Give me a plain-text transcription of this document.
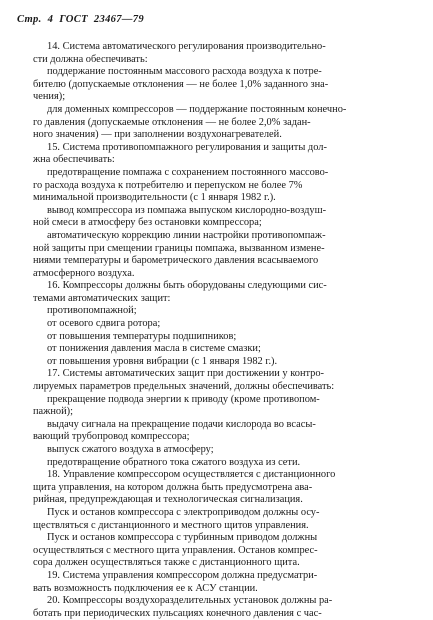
Стр. 4 ГОСТ 23467—79
14. Система автоматического регулирования производительно-
сти должна обеспечивать:
поддержание постоянным массового расхода воздуха к потре-
бителю (допускаемые отклонения — не более 1,0% заданного зна-
чения);
для доменных компрессоров — поддержание постоянным конечно-
го давления (допускаемые отклонения — не более 2,0% задан-
ного значения) — при заполнении воздухонагревателей.
15. Система противопомпажного регулирования и защиты дол-
жна обеспечивать:
предотвращение помпажа с сохранением постоянного массово-
го расхода воздуха к потребителю и перепуском не более 7%
минимальной производительности (с 1 января 1982 г.).
вывод компрессора из помпажа выпуском кислородно-воздуш-
ной смеси в атмосферу без остановки компрессора;
автоматическую коррекцию линии настройки противопомпаж-
ной защиты при смещении границы помпажа, вызванном измене-
ниями температуры и барометрического давления всасываемого
атмосферного воздуха.
16. Компрессоры должны быть оборудованы следующими сис-
темами автоматических защит:
противопомпажной;
от осевого сдвига ротора;
от повышения температуры подшипников;
от понижения давления масла в системе смазки;
от повышения уровня вибрации (с 1 января 1982 г.).
17. Системы автоматических защит при достижении у контро-
лируемых параметров предельных значений, должны обеспечивать:
прекращение подвода энергии к приводу (кроме противопом-
пажной);
выдачу сигнала на прекращение подачи кислорода во всасы-
вающий трубопровод компрессора;
выпуск сжатого воздуха в атмосферу;
предотвращение обратного тока сжатого воздуха из сети.
18. Управление компрессором осуществляется с дистанционного
щита управления, на котором должна быть предусмотрена ава-
рийная, предупреждающая и технологическая сигнализация.
Пуск и останов компрессора с электроприводом должны осу-
ществляться с дистанционного и местного щитов управления.
Пуск и останов компрессора с турбинным приводом должны
осуществляться с местного щита управления. Останов компрес-
сора должен осуществляться также с дистанционного щита.
19. Система управления компрессором должна предусматри-
вать возможность подключения ее к АСУ станции.
20. Компрессоры воздухоразделительных установок должны ра-
ботать при периодических пульсациях конечного давления с час-
